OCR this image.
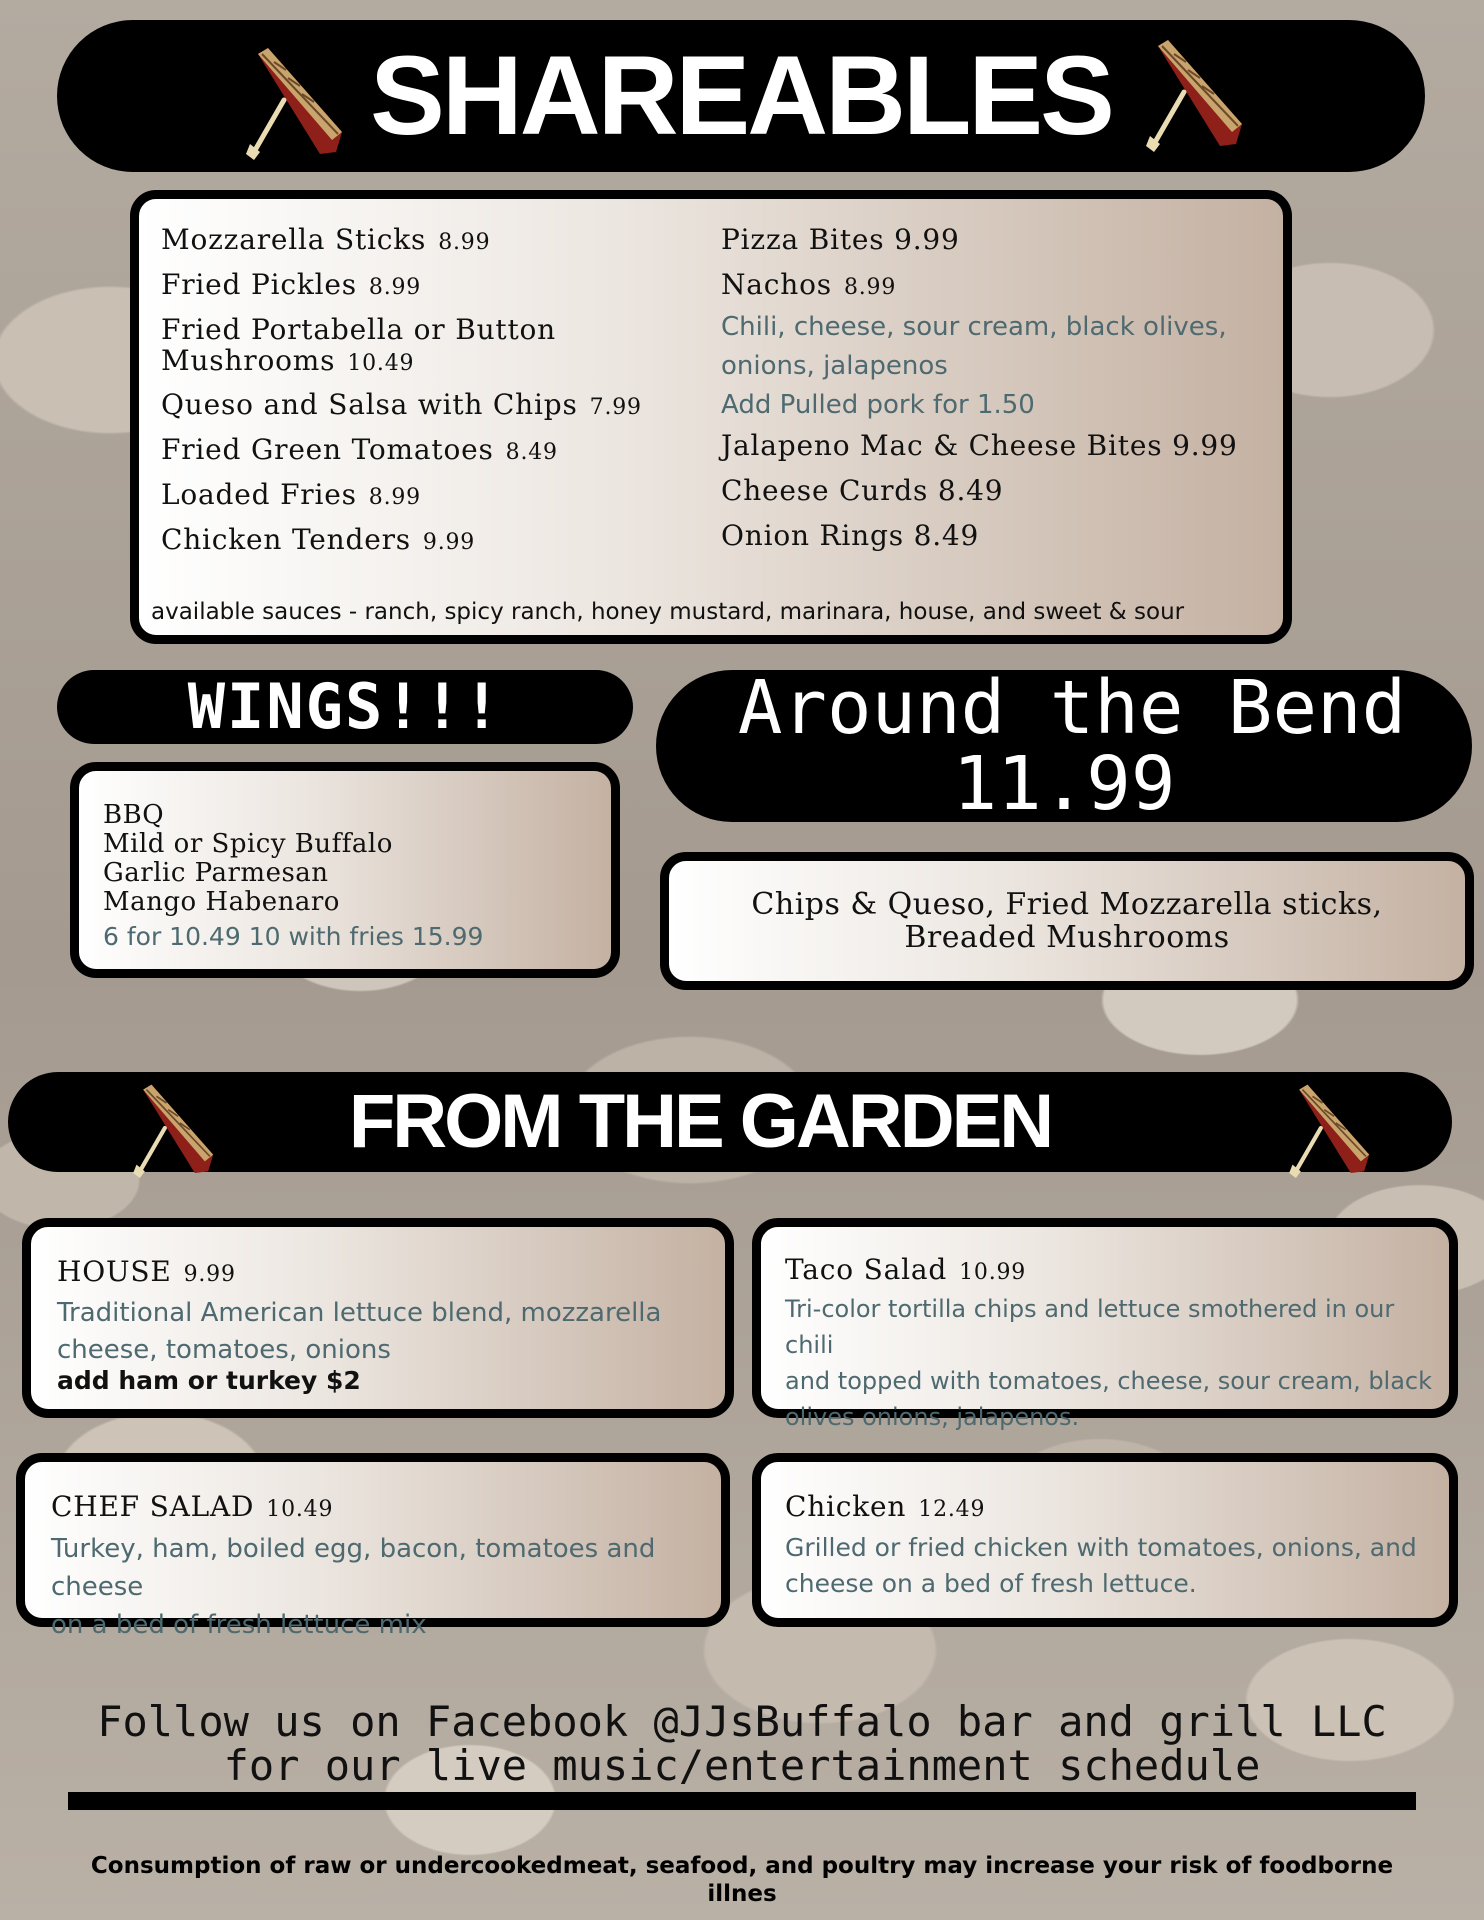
SHAREABLES
Mozzarella Sticks 8.99
Fried Pickles 8.99
Fried Portabella or Button
Mushrooms 10.49
Queso and Salsa with Chips 7.99
Fried Green Tomatoes 8.49
Loaded Fries 8.99
Chicken Tenders 9.99
Pizza Bites 9.99
Nachos 8.99
Chili, cheese, sour cream, black olives,
onions, jalapenos
Add Pulled pork for 1.50
Jalapeno Mac & Cheese Bites 9.99
Cheese Curds 8.49
Onion Rings 8.49
available sauces - ranch, spicy ranch, honey mustard, marinara, house, and sweet & sour
WINGS!!!
BBQ
Mild or Spicy Buffalo
Garlic Parmesan
Mango Habenaro
6 for 10.49 10 with fries 15.99
Around the Bend
11.99
Chips & Queso, Fried Mozzarella sticks,
Breaded Mushrooms
FROM THE GARDEN
HOUSE 9.99
Traditional American lettuce blend, mozzarella
cheese, tomatoes, onions
add ham or turkey $2
Taco Salad 10.99
Tri-color tortilla chips and lettuce smothered in our chili
and topped with tomatoes, cheese, sour cream, black
olives onions, jalapenos.
CHEF SALAD 10.49
Turkey, ham, boiled egg, bacon, tomatoes and cheese
on a bed of fresh lettuce mix
Chicken 12.49
Grilled or fried chicken with tomatoes, onions, and
cheese on a bed of fresh lettuce.
Follow us on Facebook @JJsBuffalo bar and grill LLC
for our live music/entertainment schedule
Consumption of raw or undercookedmeat, seafood, and poultry may increase your risk of foodborne
illnes
